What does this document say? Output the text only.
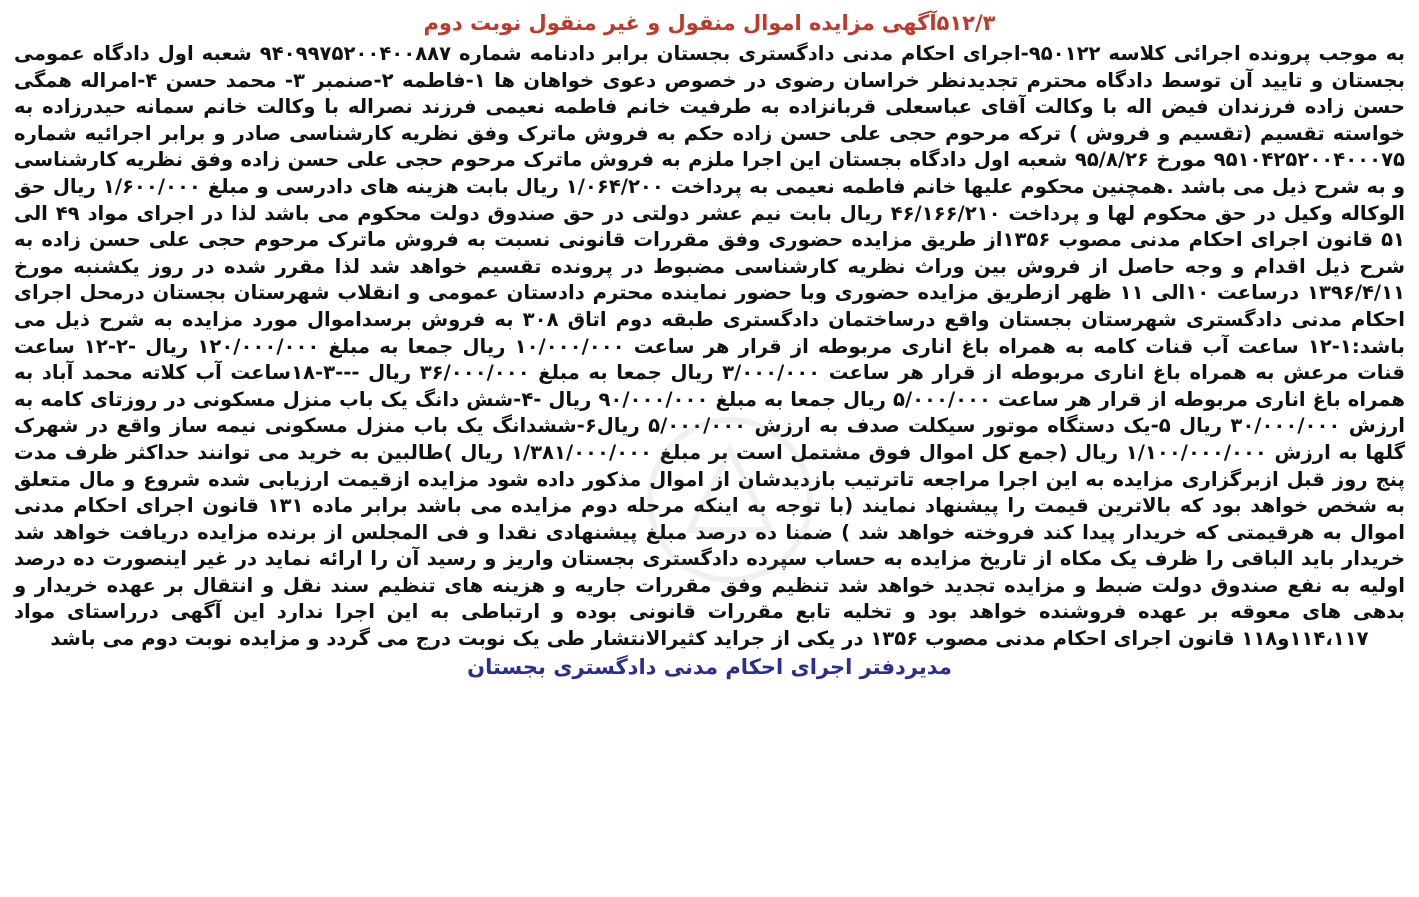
۵۱۲/۳آگهی مزایده اموال منقول و غیر منقول نوبت دوم

به موجب پرونده اجرائی کلاسه ۹۵۰۱۲۲-اجرای احکام مدنی دادگستری بجستان برابر دادنامه شماره ۹۴۰۹۹۷۵۲۰۰۴۰۰۸۸۷ شعبه اول دادگاه عمومی بجستان و تایید آن توسط دادگاه محترم تجدیدنظر خراسان رضوی در خصوص دعوی خواهان ها ۱-فاطمه ۲-صنمبر ۳- محمد حسن ۴-امراله همگی حسن زاده فرزندان فیض اله با وکالت آقای عباسعلی قربانزاده به طرفیت خانم فاطمه نعیمی فرزند نصراله با وکالت خانم سمانه حیدرزاده به خواسته تقسیم (تقسیم و فروش ) ترکه مرحوم حجی علی حسن زاده حکم به فروش ماترک وفق نظریه کارشناسی صادر و برابر اجرائیه شماره ۹۵۱۰۴۲۵۲۰۰۴۰۰۰۷۵ مورخ ۹۵/۸/۲۶ شعبه اول دادگاه بجستان این اجرا ملزم به فروش ماترک مرحوم حجی علی حسن زاده وفق نظریه کارشناسی و به شرح ذیل می باشد .همچنین محکوم علیها خانم فاطمه نعیمی به پرداخت ۱/۰۶۴/۲۰۰ ریال بابت هزینه های دادرسی و مبلغ ۱/۶۰۰/۰۰۰ ریال حق الوکاله وکیل در حق محکوم لها و پرداخت ۴۶/۱۶۶/۲۱۰ ریال بابت نیم عشر دولتی در حق صندوق دولت محکوم می باشد لذا در اجرای مواد ۴۹ الی ۵۱ قانون اجرای احکام مدنی مصوب ۱۳۵۶از طریق مزایده حضوری وفق مقررات قانونی نسبت به فروش ماترک مرحوم حجی علی حسن زاده به شرح ذیل اقدام و وجه حاصل از فروش بین وراث نظریه کارشناسی مضبوط در پرونده تقسیم خواهد شد لذا مقرر شده در روز یکشنبه مورخ ۱۳۹۶/۴/۱۱ درساعت ۱۰الی ۱۱ ظهر ازطریق مزایده حضوری وبا حضور نماینده محترم دادستان عمومی و انقلاب شهرستان بجستان درمحل اجرای احکام مدنی دادگستری شهرستان بجستان واقع درساختمان دادگستری طبقه دوم اتاق ۳۰۸ به فروش برسداموال مورد مزایده به شرح ذیل می باشد:۱-۱۲ ساعت آب قنات کامه به همراه باغ اناری مربوطه از قرار هر ساعت ۱۰/۰۰۰/۰۰۰ ریال جمعا به مبلغ ۱۲۰/۰۰۰/۰۰۰ ریال -۲-۱۲ ساعت قنات مرعش به همراه باغ اناری مربوطه از قرار هر ساعت ۳/۰۰۰/۰۰۰ ریال جمعا به مبلغ ۳۶/۰۰۰/۰۰۰ ریال ---۳-۱۸ساعت آب کلاته محمد آباد به همراه باغ اناری مربوطه از قرار هر ساعت ۵/۰۰۰/۰۰۰ ریال جمعا به مبلغ ۹۰/۰۰۰/۰۰۰ ریال -۴-شش دانگ یک باب منزل مسکونی در روزتای کامه به ارزش ۳۰/۰۰۰/۰۰۰ ریال ۵-یک دستگاه موتور سیکلت صدف به ارزش ۵/۰۰۰/۰۰۰ ریال۶-ششدانگ یک باب منزل مسکونی نیمه ساز واقع در شهرک گلها به ارزش ۱/۱۰۰/۰۰۰/۰۰۰ ریال (جمع کل اموال فوق مشتمل است بر مبلغ ۱/۳۸۱/۰۰۰/۰۰۰ ریال )طالبین به خرید می توانند حداکثر ظرف مدت پنج روز قبل ازبرگزاری مزایده به این اجرا مراجعه تاترتیب بازدیدشان از اموال مذکور داده شود مزایده ازقیمت ارزیابی شده شروع و مال متعلق به شخص خواهد بود که بالاترین قیمت را پیشنهاد نمایند (با توجه به اینکه مرحله دوم مزایده می باشد برابر ماده ۱۳۱ قانون اجرای احکام مدنی اموال به هرقیمتی که خریدار پیدا کند فروخته خواهد شد ) ضمنا ده درصد مبلغ پیشنهادی نقدا و فی المجلس از برنده مزایده دریافت خواهد شد خریدار باید الباقی را ظرف یک مکاه از تاریخ مزایده به حساب سپرده دادگستری بجستان واریز و رسید آن را ارائه نماید در غیر اینصورت ده درصد اولیه به نفع صندوق دولت ضبط و مزایده تجدید خواهد شد تنظیم وفق مقررات جاریه و هزینه های تنظیم سند نقل و انتقال بر عهده خریدار و بدهی های معوقه بر عهده فروشنده خواهد بود و تخلیه تابع مقررات قانونی بوده و ارتباطی به این اجرا ندارد این آگهی درراستای مواد ۱۱۴،۱۱۷و۱۱۸ قانون اجرای احکام مدنی مصوب ۱۳۵۶ در یکی از جراید کثیرالانتشار طی یک نوبت درج می گردد و مزایده نوبت دوم می باشد

مدیردفتر اجرای احکام مدنی دادگستری بجستان
